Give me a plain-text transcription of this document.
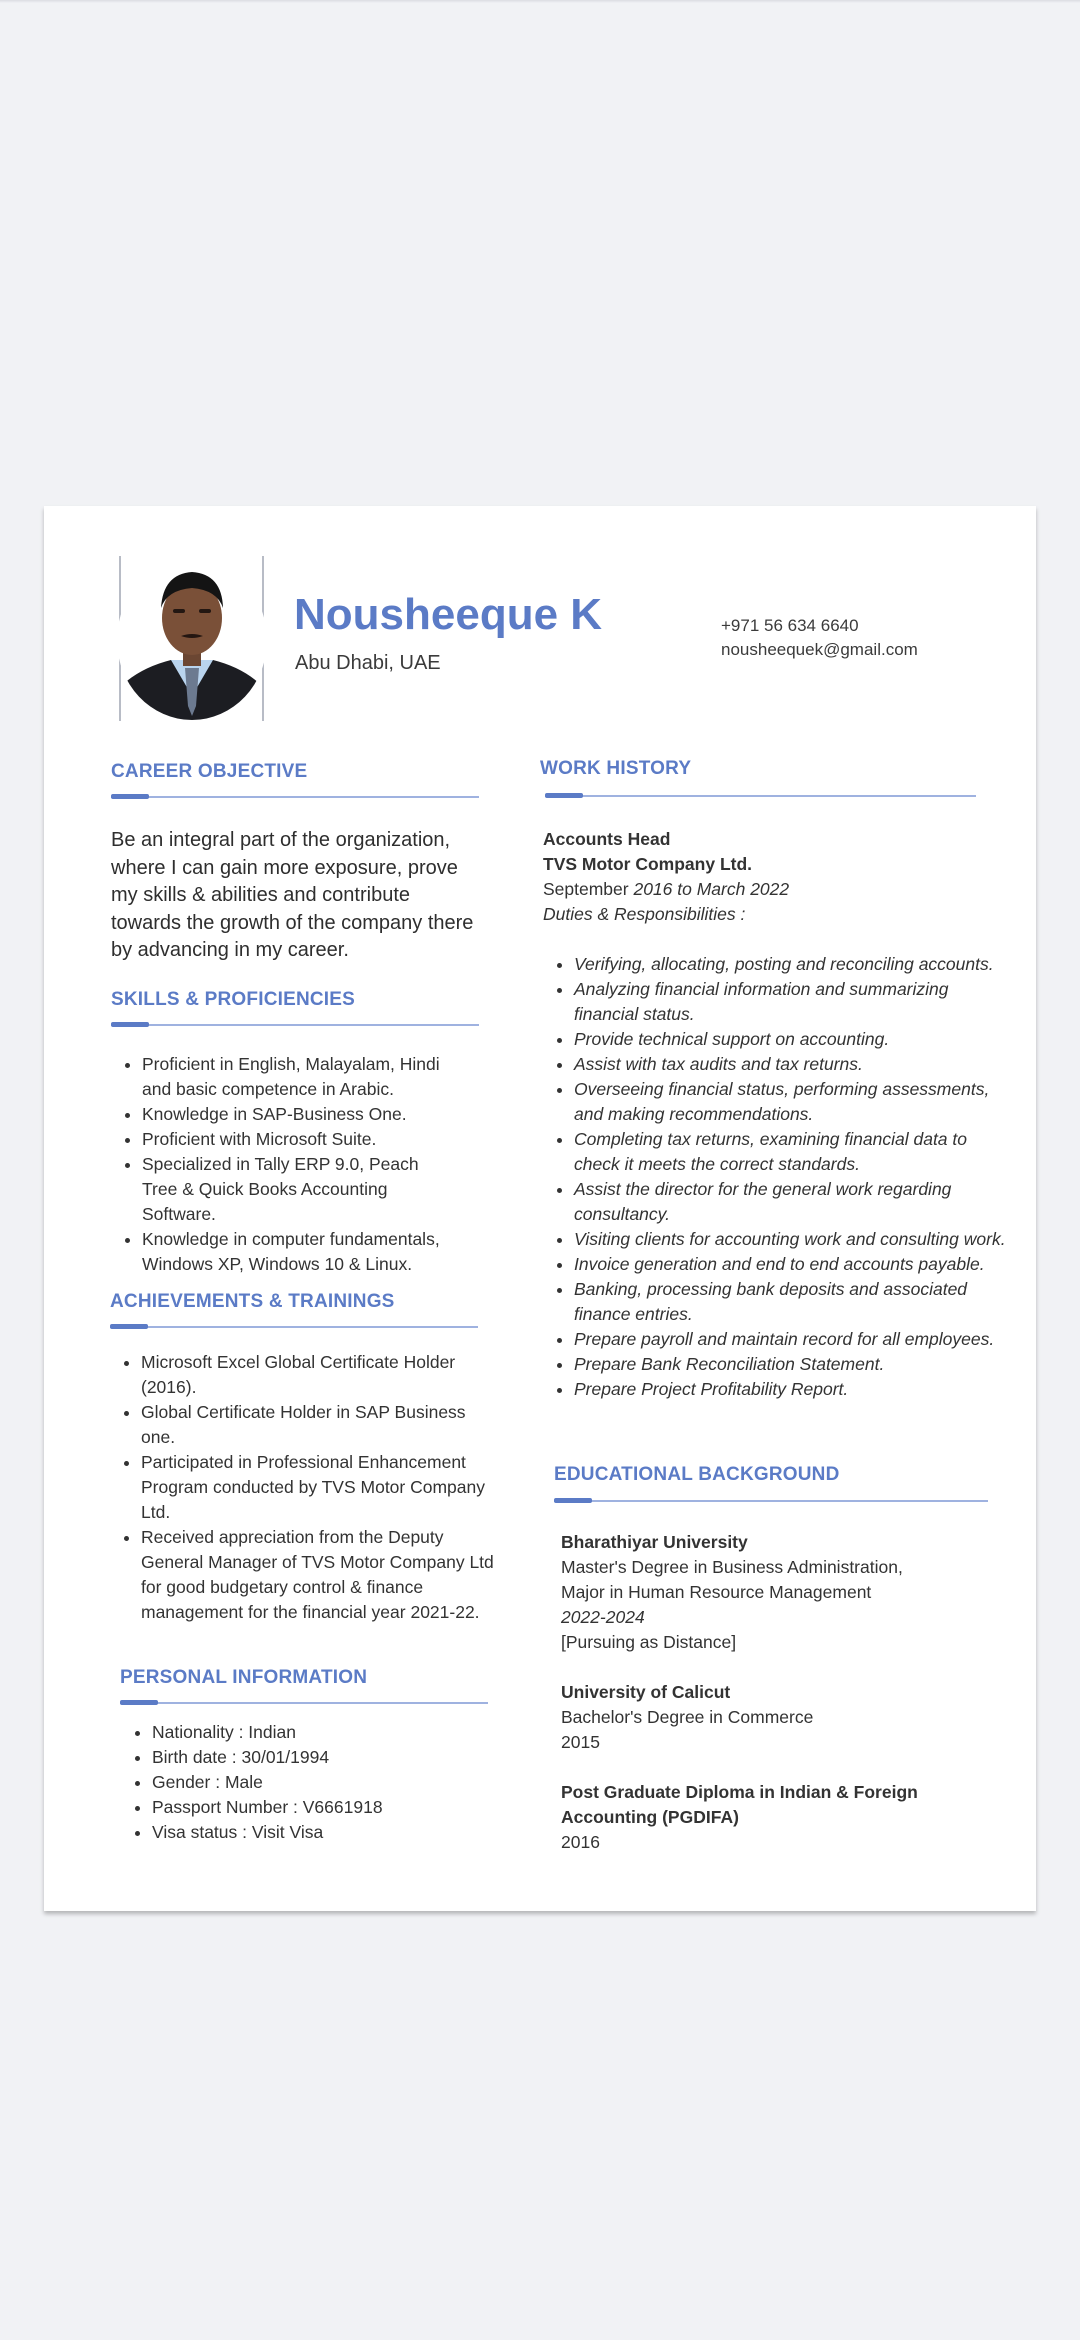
Nousheeque K
Abu Dhabi, UAE
+971 56 634 6640
nousheequek@gmail.com
CAREER OBJECTIVE
Be an integral part of the organization,
where I can gain more exposure, prove
my skills & abilities and contribute
towards the growth of the company there
by advancing in my career.
SKILLS & PROFICIENCIES
• Proficient in English, Malayalam, Hindi  and basic competence in Arabic.
• Knowledge in SAP-Business One.
• Proficient with Microsoft Suite.
• Specialized in Tally ERP 9.0, Peach Tree & Quick Books Accounting Software.
• Knowledge in computer fundamentals, Windows XP, Windows 10 & Linux.
ACHIEVEMENTS & TRAININGS
• Microsoft Excel Global Certificate Holder (2016).
• Global Certificate Holder in SAP Business one.
• Participated in Professional Enhancement Program conducted by TVS Motor Company Ltd.
• Received appreciation from the Deputy General Manager of TVS Motor Company Ltd for good budgetary control & finance management for the financial year 2021-22.
PERSONAL INFORMATION
• Nationality : Indian
• Birth date : 30/01/1994
• Gender : Male
• Passport Number : V6661918
• Visa status : Visit Visa
WORK HISTORY
Accounts Head
TVS Motor Company Ltd.
September 2016 to March 2022
Duties & Responsibilities :
• Verifying, allocating, posting and reconciling accounts.
• Analyzing financial information and summarizing financial status.
• Provide technical support on accounting.
• Assist with tax audits and tax returns.
• Overseeing financial status, performing assessments, and making recommendations.
• Completing tax returns, examining financial data to check it meets the correct standards.
• Assist the director for the general work regarding consultancy.
• Visiting clients for accounting work and consulting work.
• Invoice generation and end to end accounts payable.
• Banking, processing bank deposits and associated finance entries.
• Prepare payroll and maintain record for all employees.
• Prepare Bank Reconciliation Statement.
• Prepare Project Profitability Report.
EDUCATIONAL BACKGROUND
Bharathiyar University
Master's Degree in Business Administration,
Major in Human Resource Management
2022-2024
[Pursuing as Distance]
University of Calicut
Bachelor's Degree in Commerce
2015
Post Graduate Diploma in Indian & Foreign
Accounting (PGDIFA)
2016
